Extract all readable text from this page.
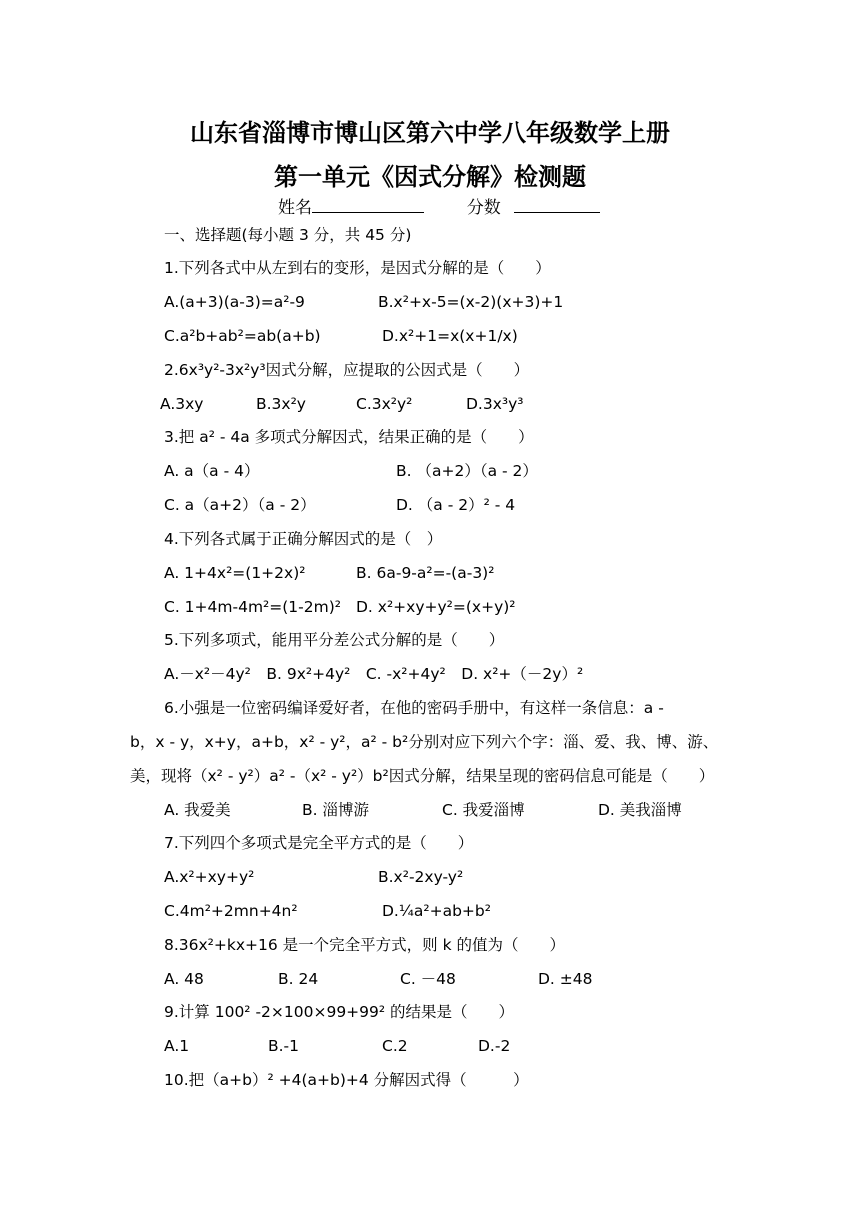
山东省淄博市博山区第六中学八年级数学上册
第一单元《因式分解》检测题
姓名	分数
一、选择题(每小题 3 分，共 45 分)
1.下列各式中从左到右的变形，是因式分解的是（　　）
A.(a+3)(a-3)=a²-9	B.x²+x-5=(x-2)(x+3)+1
C.a²b+ab²=ab(a+b)	D.x²+1=x(x+1/x)
2.6x³y²-3x²y³因式分解，应提取的公因式是（　　）
A.3xy	B.3x²y	C.3x²y²	D.3x³y³
3.把 a² - 4a 多项式分解因式，结果正确的是（　　）
A. a（a - 4）	B. （a+2）（a - 2）
C. a（a+2）（a - 2）	D. （a - 2）² - 4
4.下列各式属于正确分解因式的是（　）
A. 1+4x²=(1+2x)²	B. 6a-9-a²=-(a-3)²
C. 1+4m-4m²=(1-2m)² D. x²+xy+y²=(x+y)²
5.下列多项式，能用平分差公式分解的是（　　）
A.－x²－4y²　B. 9x²+4y²　C. -x²+4y²　D. x²+（－2y）²
6.小强是一位密码编译爱好者，在他的密码手册中，有这样一条信息：a -
b，x - y，x+y，a+b，x² - y²，a² - b²分别对应下列六个字：淄、爱、我、博、游、
美，现将（x² - y²）a² -（x² - y²）b²因式分解，结果呈现的密码信息可能是（　　）
A. 我爱美	B. 淄博游	C. 我爱淄博	D. 美我淄博
7.下列四个多项式是完全平方式的是（　　）
A.x²+xy+y²	B.x²-2xy-y²
C.4m²+2mn+4n²	D.¼a²+ab+b²
8.36x²+kx+16 是一个完全平方式，则 k 的值为（　　）
A. 48	B. 24	C. －48	D. ±48
9.计算 100² -2×100×99+99² 的结果是（　　）
A.1	B.-1	C.2	D.-2
10.把（a+b）² +4(a+b)+4 分解因式得（　　　）
